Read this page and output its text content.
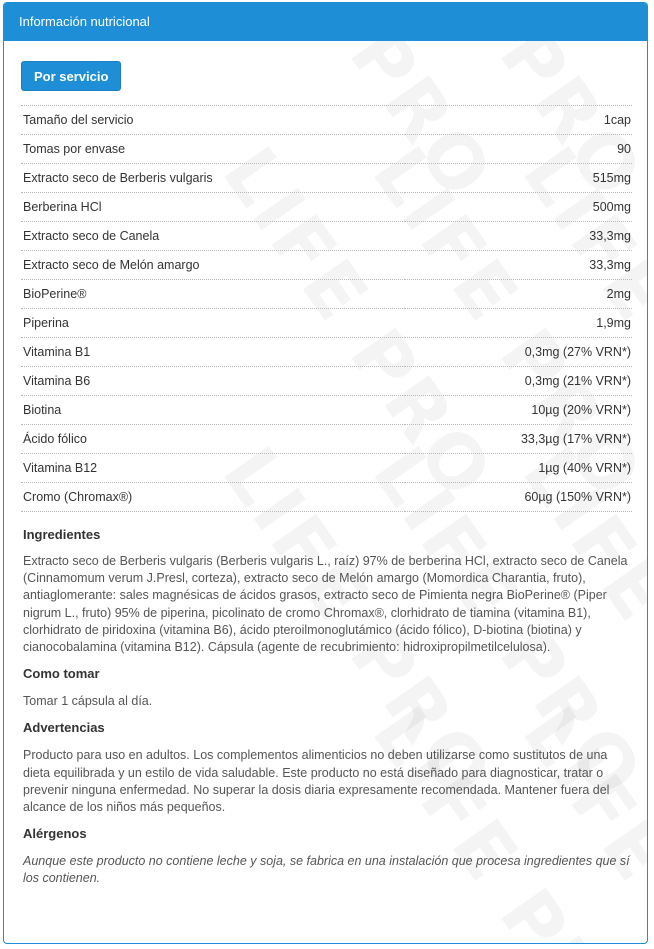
Información nutricional
Por servicio
Tamaño del servicio	1cap
Tomas por envase	90
Extracto seco de Berberis vulgaris	515mg
Berberina HCl	500mg
Extracto seco de Canela	33,3mg
Extracto seco de Melón amargo	33,3mg
BioPerine®	2mg
Piperina	1,9mg
Vitamina B1	0,3mg (27% VRN*)
Vitamina B6	0,3mg (21% VRN*)
Biotina	10µg (20% VRN*)
Ácido fólico	33,3µg (17% VRN*)
Vitamina B12	1µg (40% VRN*)
Cromo (Chromax®)	60µg (150% VRN*)

Ingredientes

Extracto seco de Berberis vulgaris (Berberis vulgaris L., raíz) 97% de berberina HCl, extracto seco de Canela (Cinnamomum verum J.Presl, corteza), extracto seco de Melón amargo (Momordica Charantia, fruto), antiaglomerante: sales magnésicas de ácidos grasos, extracto seco de Pimienta negra BioPerine® (Piper nigrum L., fruto) 95% de piperina, picolinato de cromo Chromax®, clorhidrato de tiamina (vitamina B1), clorhidrato de piridoxina (vitamina B6), ácido pteroilmonoglutámico (ácido fólico), D-biotina (biotina) y cianocobalamina (vitamina B12). Cápsula (agente de recubrimiento: hidroxipropilmetilcelulosa).

Como tomar

Tomar 1 cápsula al día.

Advertencias

Producto para uso en adultos. Los complementos alimenticios no deben utilizarse como sustitutos de una dieta equilibrada y un estilo de vida saludable. Este producto no está diseñado para diagnosticar, tratar o prevenir ninguna enfermedad. No superar la dosis diaria expresamente recomendada. Mantener fuera del alcance de los niños más pequeños.

Alérgenos

Aunque este producto no contiene leche y soja, se fabrica en una instalación que procesa ingredientes que sí los contienen.
